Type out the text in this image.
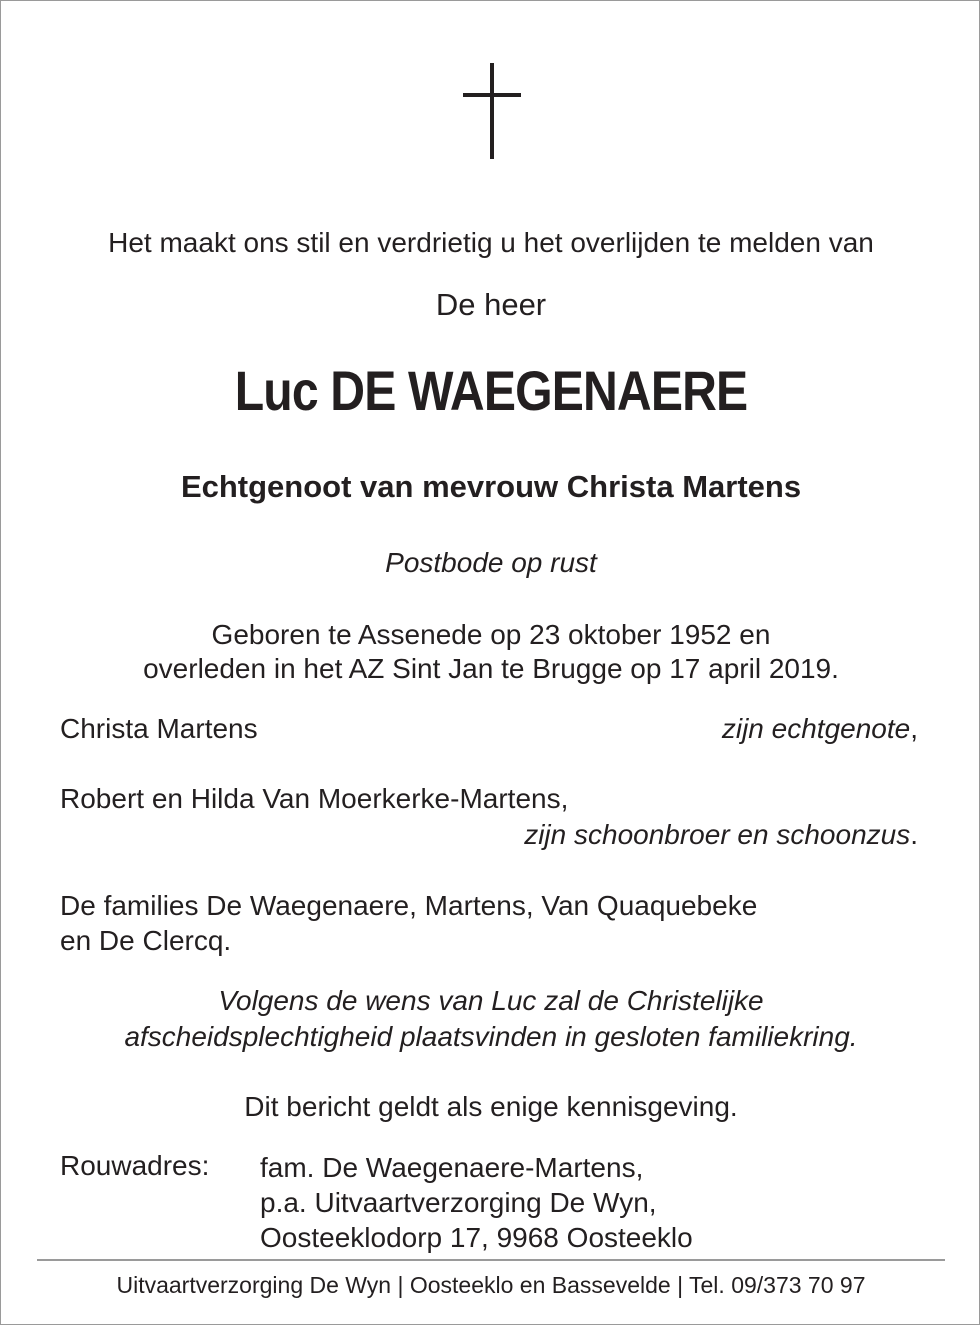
Het maakt ons stil en verdrietig u het overlijden te melden van
De heer
Luc DE WAEGENAERE
Echtgenoot van mevrouw Christa Martens
Postbode op rust
Geboren te Assenede op 23 oktober 1952 en
overleden in het AZ Sint Jan te Brugge op 17 april 2019.
Christa Martens	zijn echtgenote,
Robert en Hilda Van Moerkerke-Martens,
zijn schoonbroer en schoonzus.
De families De Waegenaere, Martens, Van Quaquebeke
en De Clercq.
Volgens de wens van Luc zal de Christelijke
afscheidsplechtigheid plaatsvinden in gesloten familiekring.
Dit bericht geldt als enige kennisgeving.
Rouwadres: fam. De Waegenaere-Martens,
p.a. Uitvaartverzorging De Wyn,
Oosteeklodorp 17, 9968 Oosteeklo
Uitvaartverzorging De Wyn | Oosteeklo en Bassevelde | Tel. 09/373 70 97
